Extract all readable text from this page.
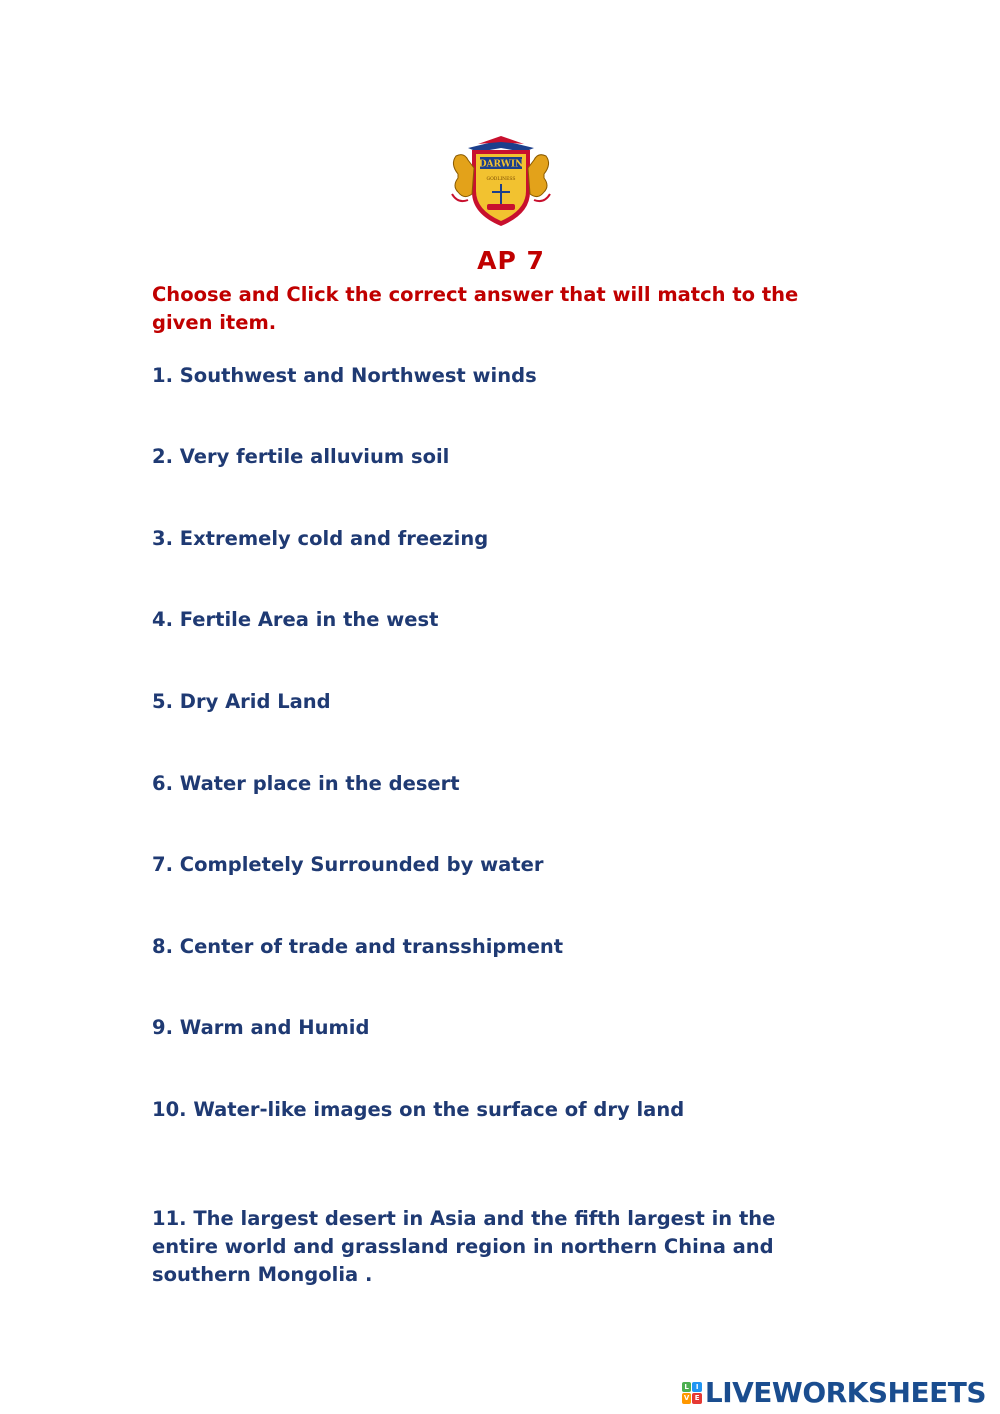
DARWIN
GODLINESS
AP 7
Choose and Click the correct answer that will match to the given item.
1. Southwest and Northwest winds
2. Very fertile alluvium soil
3. Extremely cold and freezing
4. Fertile Area in the west
5. Dry Arid Land
6. Water place in the desert
7. Completely Surrounded by water
8. Center of trade and transshipment
9. Warm and Humid
10. Water-like images on the surface of dry land
11. The largest desert in Asia and the fifth largest in the entire world and grassland region in northern China and southern Mongolia .
L I
V E LIVEWORKSHEETS
